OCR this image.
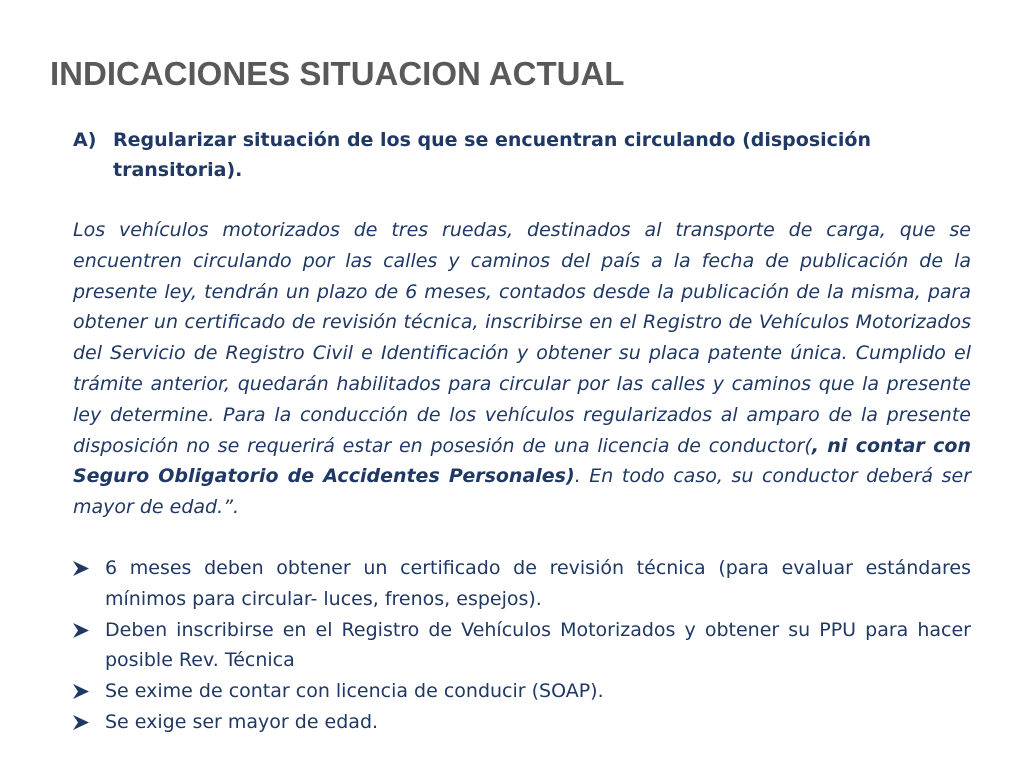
INDICACIONES SITUACION ACTUAL
A) Regularizar situación de los que se encuentran circulando (disposición transitoria).

Los vehículos motorizados de tres ruedas, destinados al transporte de carga, que se encuentren circulando por las calles y caminos del país a la fecha de publicación de la presente ley, tendrán un plazo de 6 meses, contados desde la publicación de la misma, para obtener un certificado de revisión técnica, inscribirse en el Registro de Vehículos Motorizados del Servicio de Registro Civil e Identificación y obtener su placa patente única. Cumplido el trámite anterior, quedarán habilitados para circular por las calles y caminos que la presente ley determine. Para la conducción de los vehículos regularizados al amparo de la presente disposición no se requerirá estar en posesión de una licencia de conductor(, ni contar con Seguro Obligatorio de Accidentes Personales). En todo caso, su conductor deberá ser mayor de edad.”.

6 meses deben obtener un certificado de revisión técnica (para evaluar estándares mínimos para circular- luces, frenos, espejos).
Deben inscribirse en el Registro de Vehículos Motorizados y obtener su PPU para hacer posible Rev. Técnica
Se exime de contar con licencia de conducir (SOAP).
Se exige ser mayor de edad.
